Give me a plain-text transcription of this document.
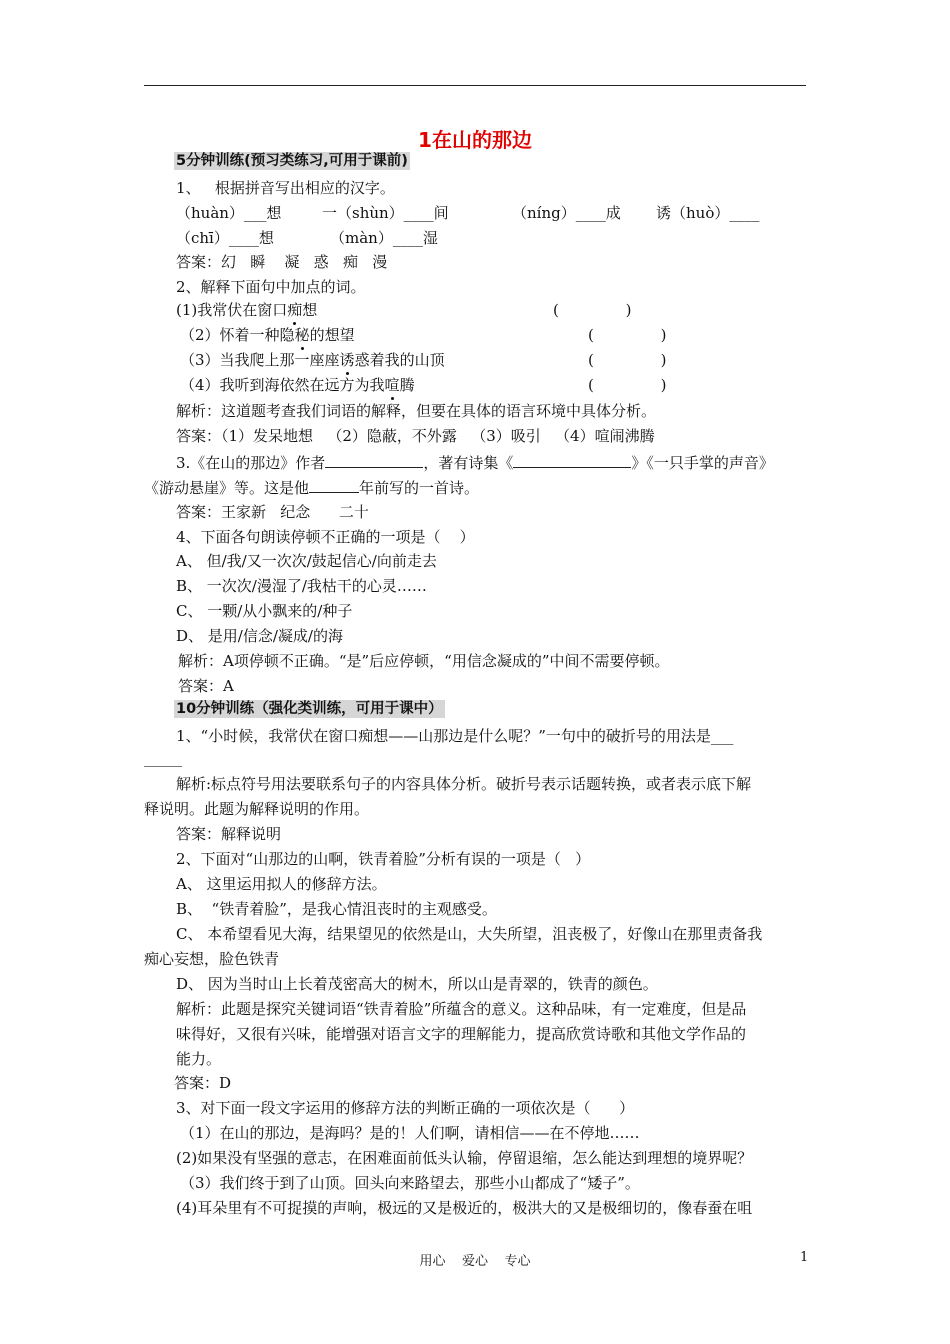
1在山的那边
5分钟训练(预习类练习,可用于课前)
1、   根据拼音写出相应的汉字。
（huàn）___想	一（shùn）____间	（níng）____成 诱（huò）____
（chī）____想	（màn）____湿
答案：幻   瞬    凝   惑   痴   漫
2、解释下面句中加点的词。
(1)我常伏在窗口痴想	(              )
（2）怀着一种隐秘的想望	(              )
（3）当我爬上那一座座诱惑着我的山顶	(              )
（4）我听到海依然在远方为我喧腾	(              )
解析：这道题考查我们词语的解释，但要在具体的语言环境中具体分析。
答案：（1）发呆地想   （2）隐蔽，不外露   （3）吸引   （4）喧闹沸腾
3.《在山的那边》作者	，著有诗集《	》《一只手掌的声音》
《游动悬崖》等。这是他	年前写的一首诗。
答案：王家新   纪念      二十
4、下面各句朗读停顿不正确的一项是（    ）
A、 但/我/又一次次/鼓起信心/向前走去
B、 一次次/漫湿了/我枯干的心灵……
C、 一颗/从小飘来的/种子
D、 是用/信念/凝成/的海
解析：A项停顿不正确。“是”后应停顿，“用信念凝成的”中间不需要停顿。
答案：A
10分钟训练（强化类训练，可用于课中）
1、“小时候，我常伏在窗口痴想——山那边是什么呢？”一句中的破折号的用法是___
解析:标点符号用法要联系句子的内容具体分析。破折号表示话题转换，或者表示底下解
释说明。此题为解释说明的作用。
答案：解释说明
2、下面对“山那边的山啊，铁青着脸”分析有误的一项是（   ）
A、 这里运用拟人的修辞方法。
B、  “铁青着脸”，是我心情沮丧时的主观感受。
C、 本希望看见大海，结果望见的依然是山，大失所望，沮丧极了，好像山在那里责备我
痴心妄想，脸色铁青
D、 因为当时山上长着茂密高大的树木，所以山是青翠的，铁青的颜色。
解析：此题是探究关键词语“铁青着脸”所蕴含的意义。这种品味，有一定难度，但是品
味得好，又很有兴味，能增强对语言文字的理解能力，提高欣赏诗歌和其他文学作品的
能力。
答案：D
3、对下面一段文字运用的修辞方法的判断正确的一项依次是（      ）
（1）在山的那边，是海吗？是的！人们啊，请相信——在不停地……
(2)如果没有坚强的意志，在困难面前低头认输，停留退缩，怎么能达到理想的境界呢？
（3）我们终于到了山顶。回头向来路望去，那些小山都成了“矮子”。
(4)耳朵里有不可捉摸的声响，极远的又是极近的，极洪大的又是极细切的，像春蚕在咀
用心    爱心    专心	1
